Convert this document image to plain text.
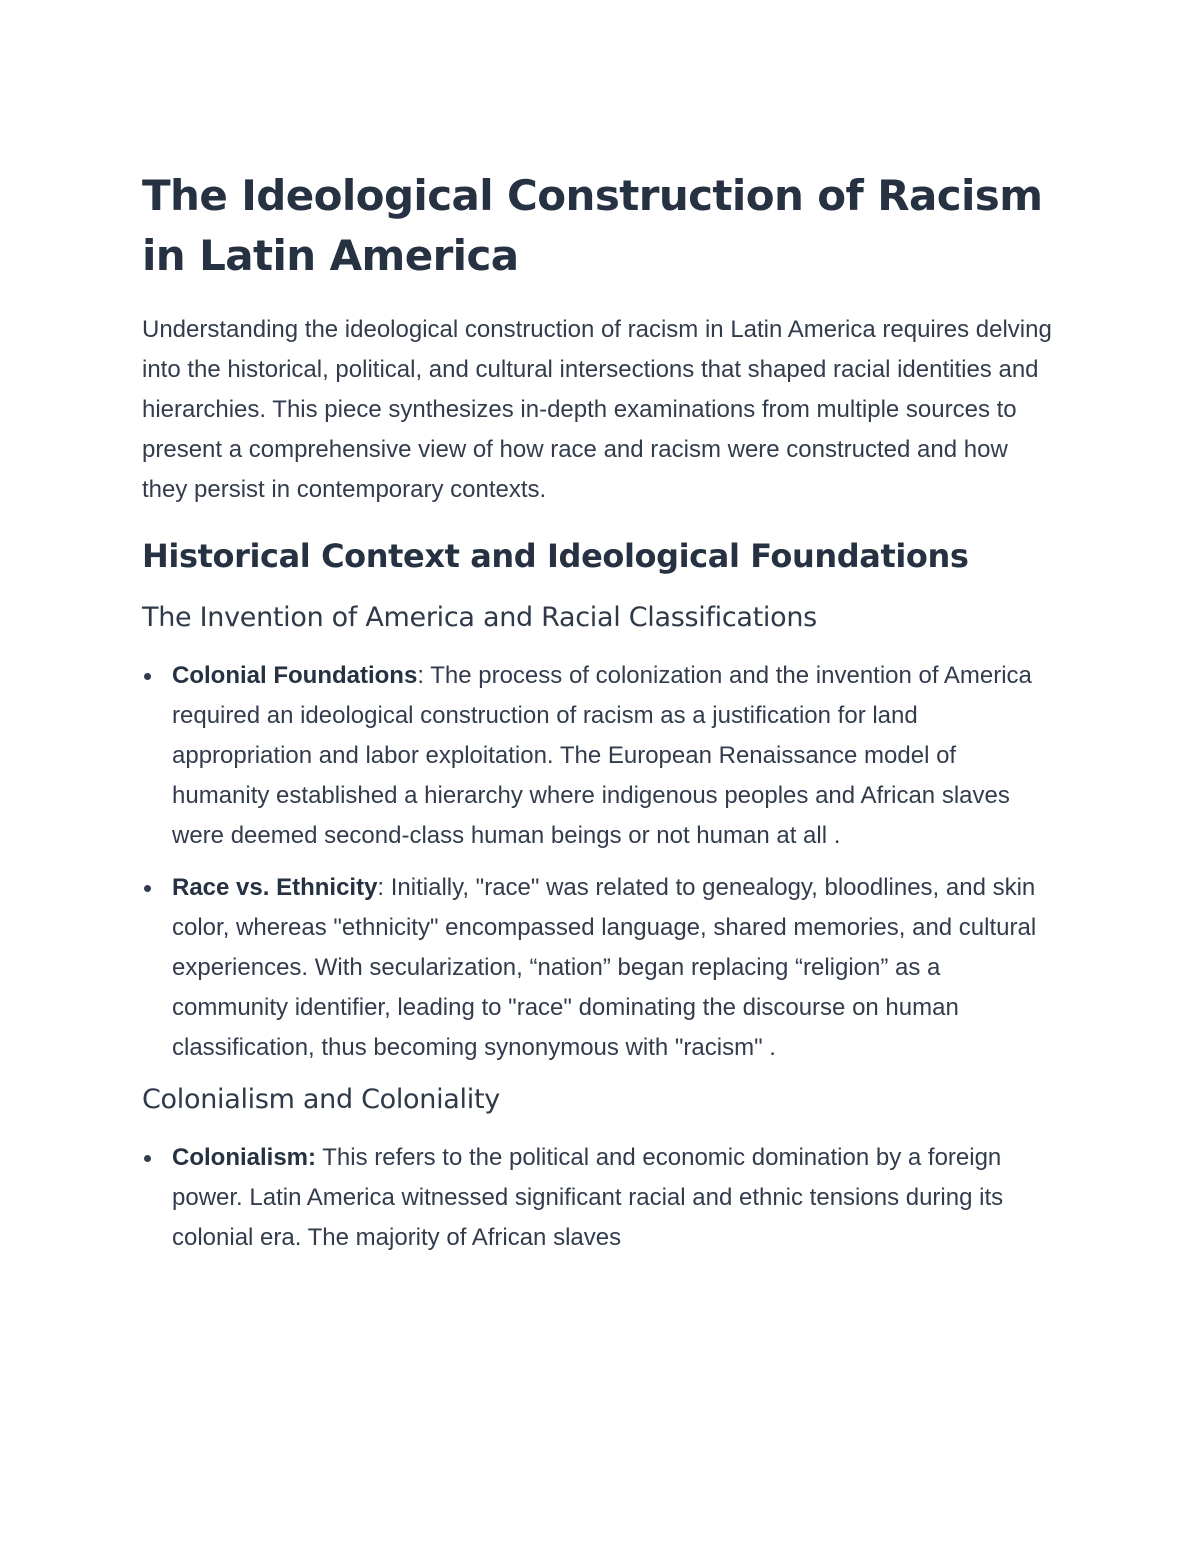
The Ideological Construction of Racism in Latin America

Understanding the ideological construction of racism in Latin America requires delving into the historical, political, and cultural intersections that shaped racial identities and hierarchies. This piece synthesizes in-depth examinations from multiple sources to present a comprehensive view of how race and racism were constructed and how they persist in contemporary contexts.

Historical Context and Ideological Foundations
The Invention of America and Racial Classifications
Colonial Foundations: The process of colonization and the invention of America required an ideological construction of racism as a justification for land appropriation and labor exploitation. The European Renaissance model of humanity established a hierarchy where indigenous peoples and African slaves were deemed second-class human beings or not human at all .
Race vs. Ethnicity: Initially, "race" was related to genealogy, bloodlines, and skin color, whereas "ethnicity" encompassed language, shared memories, and cultural experiences. With secularization, “nation” began replacing “religion” as a community identifier, leading to "race" dominating the discourse on human classification, thus becoming synonymous with "racism" .
Colonialism and Coloniality
Colonialism: This refers to the political and economic domination by a foreign power. Latin America witnessed significant racial and ethnic tensions during its colonial era. The majority of African slaves
